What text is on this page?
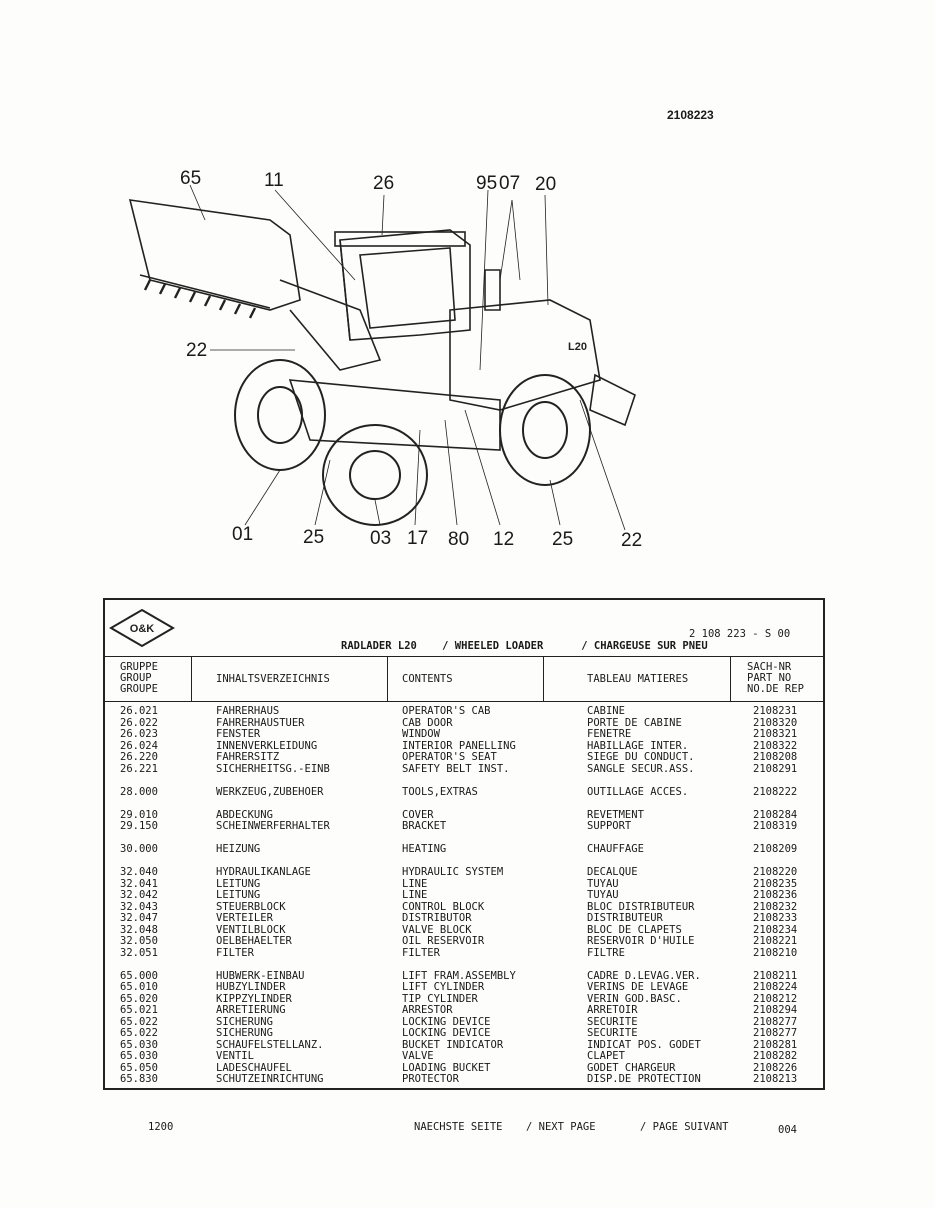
2108223
L20
65	11	26	95 07 20
22
01	25 03 17 80 12 25	22
O&K	2 108 223 - S 00
RADLADER L20 / WHEELED LOADER	/ CHARGEUSE SUR PNEU
GRUPPE
GROUP
GROUPE
INHALTSVERZEICHNIS	CONTENTS	TABLEAU MATIERES
SACH-NR
PART NO
NO.DE REP
26.021	FAHRERHAUS	OPERATOR'S CAB	CABINE	2108231
26.022	FAHRERHAUSTUER	CAB DOOR	PORTE DE CABINE	2108320
26.023	FENSTER	WINDOW	FENETRE	2108321
26.024	INNENVERKLEIDUNG	INTERIOR PANELLING	HABILLAGE INTER.	2108322
26.220	FAHRERSITZ	OPERATOR'S SEAT	SIEGE DU CONDUCT.	2108208
26.221	SICHERHEITSG.-EINB	SAFETY BELT INST.	SANGLE SECUR.ASS.	2108291
28.000	WERKZEUG,ZUBEHOER	TOOLS,EXTRAS	OUTILLAGE ACCES.	2108222
29.010	ABDECKUNG	COVER	REVETMENT	2108284
29.150	SCHEINWERFERHALTER	BRACKET	SUPPORT	2108319
30.000	HEIZUNG	HEATING	CHAUFFAGE	2108209
32.040	HYDRAULIKANLAGE	HYDRAULIC SYSTEM	DECALQUE	2108220
32.041	LEITUNG	LINE	TUYAU	2108235
32.042	LEITUNG	LINE	TUYAU	2108236
32.043	STEUERBLOCK	CONTROL BLOCK	BLOC DISTRIBUTEUR	2108232
32.047	VERTEILER	DISTRIBUTOR	DISTRIBUTEUR	2108233
32.048	VENTILBLOCK	VALVE BLOCK	BLOC DE CLAPETS	2108234
32.050	OELBEHAELTER	OIL RESERVOIR	RESERVOIR D'HUILE	2108221
32.051	FILTER	FILTER	FILTRE	2108210
65.000	HUBWERK-EINBAU	LIFT FRAM.ASSEMBLY	CADRE D.LEVAG.VER.	2108211
65.010	HUBZYLINDER	LIFT CYLINDER	VERINS DE LEVAGE	2108224
65.020	KIPPZYLINDER	TIP CYLINDER	VERIN GOD.BASC.	2108212
65.021	ARRETIERUNG	ARRESTOR	ARRETOIR	2108294
65.022	SICHERUNG	LOCKING DEVICE	SECURITE	2108277
65.022	SICHERUNG	LOCKING DEVICE	SECURITE	2108277
65.030	SCHAUFELSTELLANZ.	BUCKET INDICATOR	INDICAT POS. GODET	2108281
65.030	VENTIL	VALVE	CLAPET	2108282
65.050	LADESCHAUFEL	LOADING BUCKET	GODET CHARGEUR	2108226
65.830	SCHUTZEINRICHTUNG	PROTECTOR	DISP.DE PROTECTION	2108213
1200	NAECHSTE SEITE / NEXT PAGE	/ PAGE SUIVANT	004
